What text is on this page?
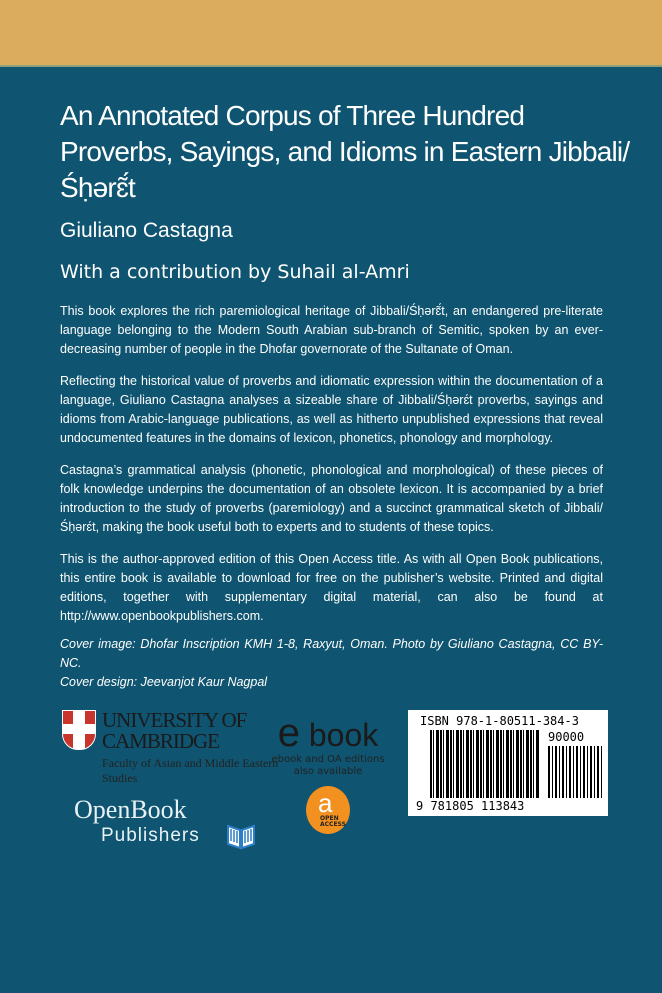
An Annotated Corpus of Three Hundred Proverbs, Sayings, and Idioms in Eastern Jibbali/Śḥərɛ̃́t
Giuliano Castagna
With a contribution by Suhail al-Amri

This book explores the rich paremiological heritage of Jibbali/Śḥərɛ̃́t, an endangered pre-literate language belonging to the Modern South Arabian sub-branch of Semitic, spoken by an ever-decreasing number of people in the Dhofar governorate of the Sultanate of Oman.

Reflecting the historical value of proverbs and idiomatic expression within the documentation of a language, Giuliano Castagna analyses a sizeable share of Jibbali/Śḥərɛ́t proverbs, sayings and idioms from Arabic-language publications, as well as hitherto unpublished expressions that reveal undocumented features in the domains of lexicon, phonetics, phonology and morphology.

Castagna’s grammatical analysis (phonetic, phonological and morphological) of these pieces of folk knowledge underpins the documentation of an obsolete lexicon. It is accompanied by a brief introduction to the study of proverbs (paremiology) and a succinct grammatical sketch of Jibbali/Śḥərɛ́t, making the book useful both to experts and to students of these topics.

This is the author-approved edition of this Open Access title. As with all Open Book publications, this entire book is available to download for free on the publisher’s website. Printed and digital editions, together with supplementary digital material, can also be found at http://www.openbookpublishers.com.

Cover image: Dhofar Inscription KMH 1-8, Raxyut, Oman. Photo by Giuliano Castagna, CC BY-NC.

Cover design: Jeevanjot Kaur Nagpal

UNIVERSITY OF CAMBRIDGE
Faculty of Asian and Middle Eastern Studies
OpenBook
Publishers
e book
ebook and OA editions also available
a
OPEN ACCESS
ISBN 978-1-80511-384-3
90000
9 781805 113843
